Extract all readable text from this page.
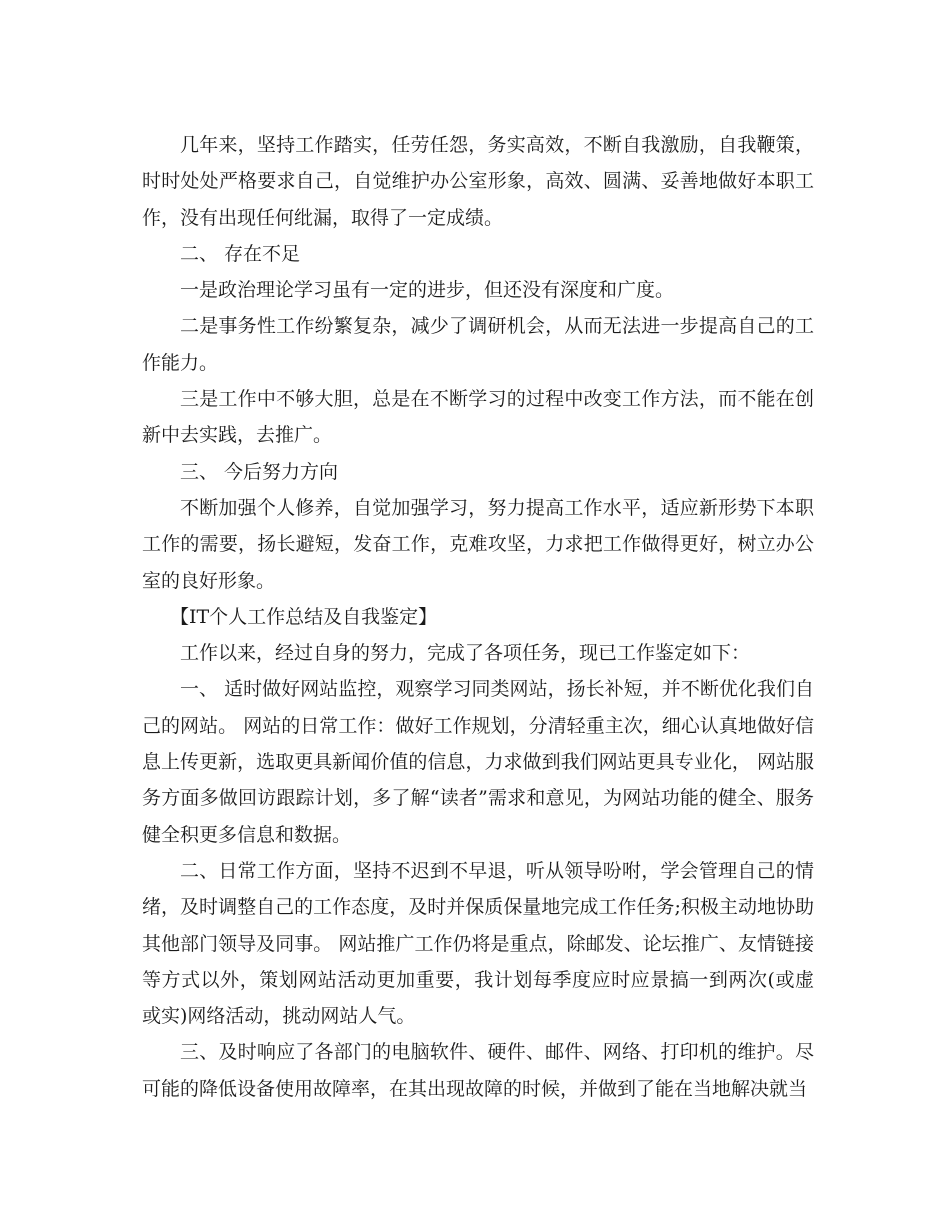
几年来，坚持工作踏实，任劳任怨，务实高效，不断自我激励，自我鞭策，时时处处严格要求自己，自觉维护办公室形象，高效、圆满、妥善地做好本职工作，没有出现任何纰漏，取得了一定成绩。

二、 存在不足

一是政治理论学习虽有一定的进步，但还没有深度和广度。

二是事务性工作纷繁复杂，减少了调研机会，从而无法进一步提高自己的工作能力。

三是工作中不够大胆，总是在不断学习的过程中改变工作方法，而不能在创新中去实践，去推广。

三、 今后努力方向

不断加强个人修养，自觉加强学习，努力提高工作水平，适应新形势下本职工作的需要，扬长避短，发奋工作，克难攻坚，力求把工作做得更好，树立办公室的良好形象。

【IT个人工作总结及自我鉴定】

工作以来，经过自身的努力，完成了各项任务，现已工作鉴定如下：

一、 适时做好网站监控，观察学习同类网站，扬长补短，并不断优化我们自己的网站。 网站的日常工作：做好工作规划，分清轻重主次，细心认真地做好信息上传更新，选取更具新闻价值的信息，力求做到我们网站更具专业化， 网站服务方面多做回访跟踪计划，多了解“读者”需求和意见，为网站功能的健全、服务健全积更多信息和数据。

二、日常工作方面，坚持不迟到不早退，听从领导吩咐，学会管理自己的情绪，及时调整自己的工作态度，及时并保质保量地完成工作任务;积极主动地协助其他部门领导及同事。 网站推广工作仍将是重点，除邮发、论坛推广、友情链接等方式以外，策划网站活动更加重要，我计划每季度应时应景搞一到两次(或虚或实)网络活动，挑动网站人气。

三、及时响应了各部门的电脑软件、硬件、邮件、网络、打印机的维护。尽可能的降低设备使用故障率，在其出现故障的时候，并做到了能在当地解决就当
